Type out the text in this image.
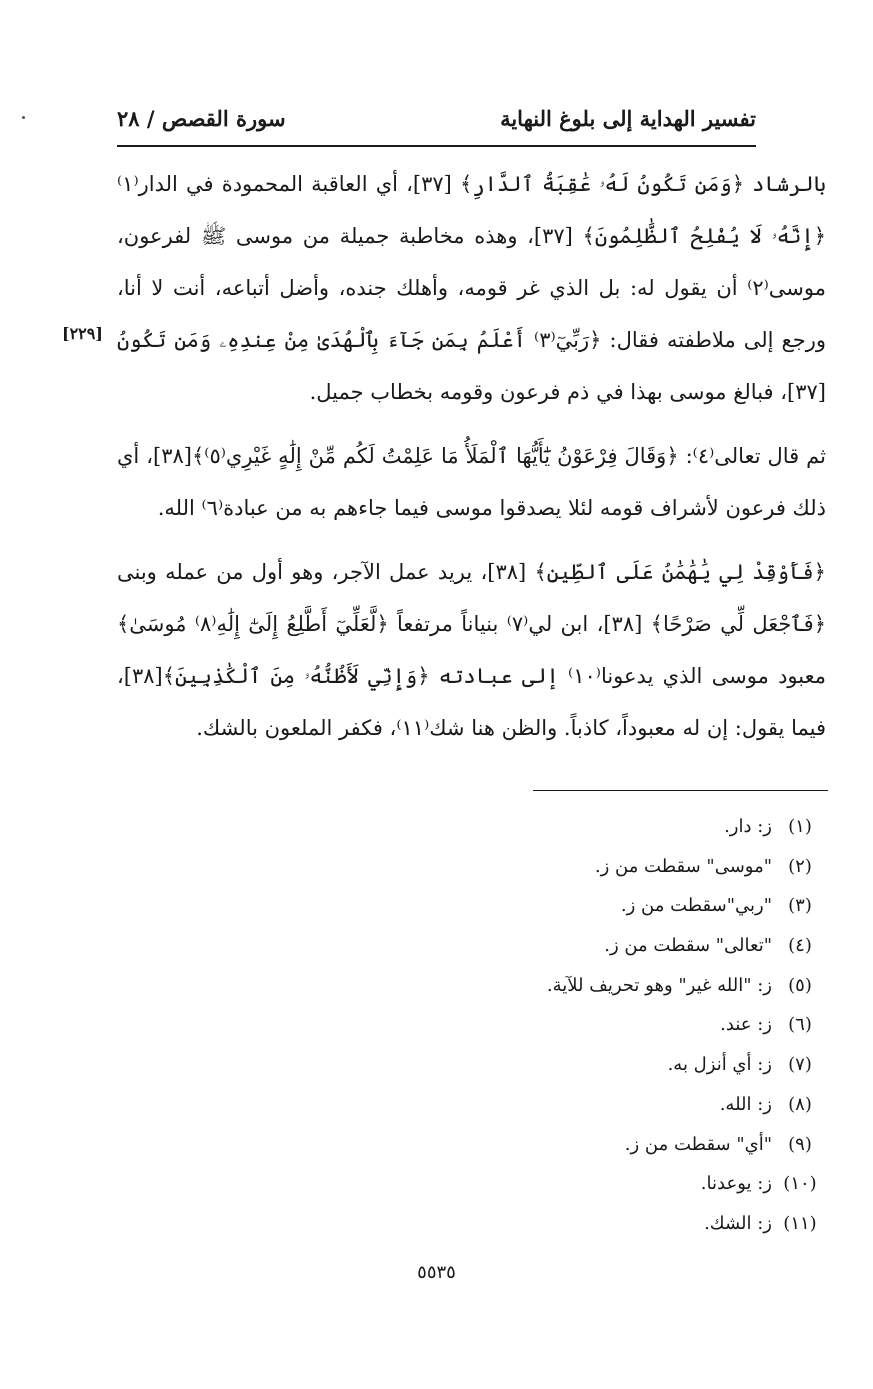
تفسير الهداية إلى بلوغ النهاية
سورة القصص / ٢٨
بالرشاد ﴿وَمَن تَكُونُ لَهُۥ عَٰقِبَةُ ٱلدَّارِ﴾ [٣٧]، أي العاقبة المحمودة في الدار⁽١⁾
﴿إِنَّهُۥ لَا يُفْلِحُ ٱلظَّٰلِمُونَ﴾ [٣٧]، وهذه مخاطبة جميلة من موسى ﷺ لفرعون،
موسى⁽٢⁾ أن يقول له: بل الذي غر قومه، وأهلك جنده، وأضل أتباعه، أنت لا أنا،
ورجع إلى ملاطفته فقال: ﴿رَبِّيٓ⁽٣⁾ أَعْلَمُ بِمَن جَآءَ بِٱلْهُدَىٰ مِنْ عِندِهِۦ وَمَن تَكُونُ
[٣٧]، فبالغ موسى بهذا في ذم فرعون وقومه بخطاب جميل.
ثم قال تعالى⁽٤⁾: ﴿وَقَالَ فِرْعَوْنُ يَٰٓأَيُّهَا ٱلْمَلَأُ مَا عَلِمْتُ لَكُم مِّنْ إِلَٰهٍ غَيْرِي⁽٥⁾﴾[٣٨]، أي
ذلك فرعون لأشراف قومه لئلا يصدقوا موسى فيما جاءهم به من عبادة⁽٦⁾ الله.
﴿فَأَوْقِدْ لِي يَٰهَٰمَٰنُ عَلَى ٱلطِّينِ﴾ [٣٨]، يريد عمل الآجر، وهو أول من عمله وبنى
﴿فَٱجْعَل لِّي صَرْحًا﴾ [٣٨]، ابن لي⁽٧⁾ بنياناً مرتفعاً ﴿لَّعَلِّيٓ أَطَّلِعُ إِلَىٰٓ إِلَٰهِ⁽٨⁾ مُوسَىٰ﴾
معبود موسى الذي يدعونا⁽١٠⁾ إلى عبادته ﴿وَإِنِّي لَأَظُنُّهُۥ مِنَ ٱلْكَٰذِبِينَ﴾[٣٨]،
فيما يقول: إن له معبوداً، كاذباً. والظن هنا شك⁽١١⁾، فكفر الملعون بالشك.
[٢٢٩]
(١)
ز: دار.
(٢)
"موسى" سقطت من ز.
(٣)
"ربي"سقطت من ز.
(٤)
"تعالى" سقطت من ز.
(٥)
ز: "الله غير" وهو تحريف للآية.
(٦)
ز: عند.
(٧)
ز: أي أنزل به.
(٨)
ز: الله.
(٩)
"أي" سقطت من ز.
(١٠)
ز: يوعدنا.
(١١)
ز: الشك.
٥٥٣٥
